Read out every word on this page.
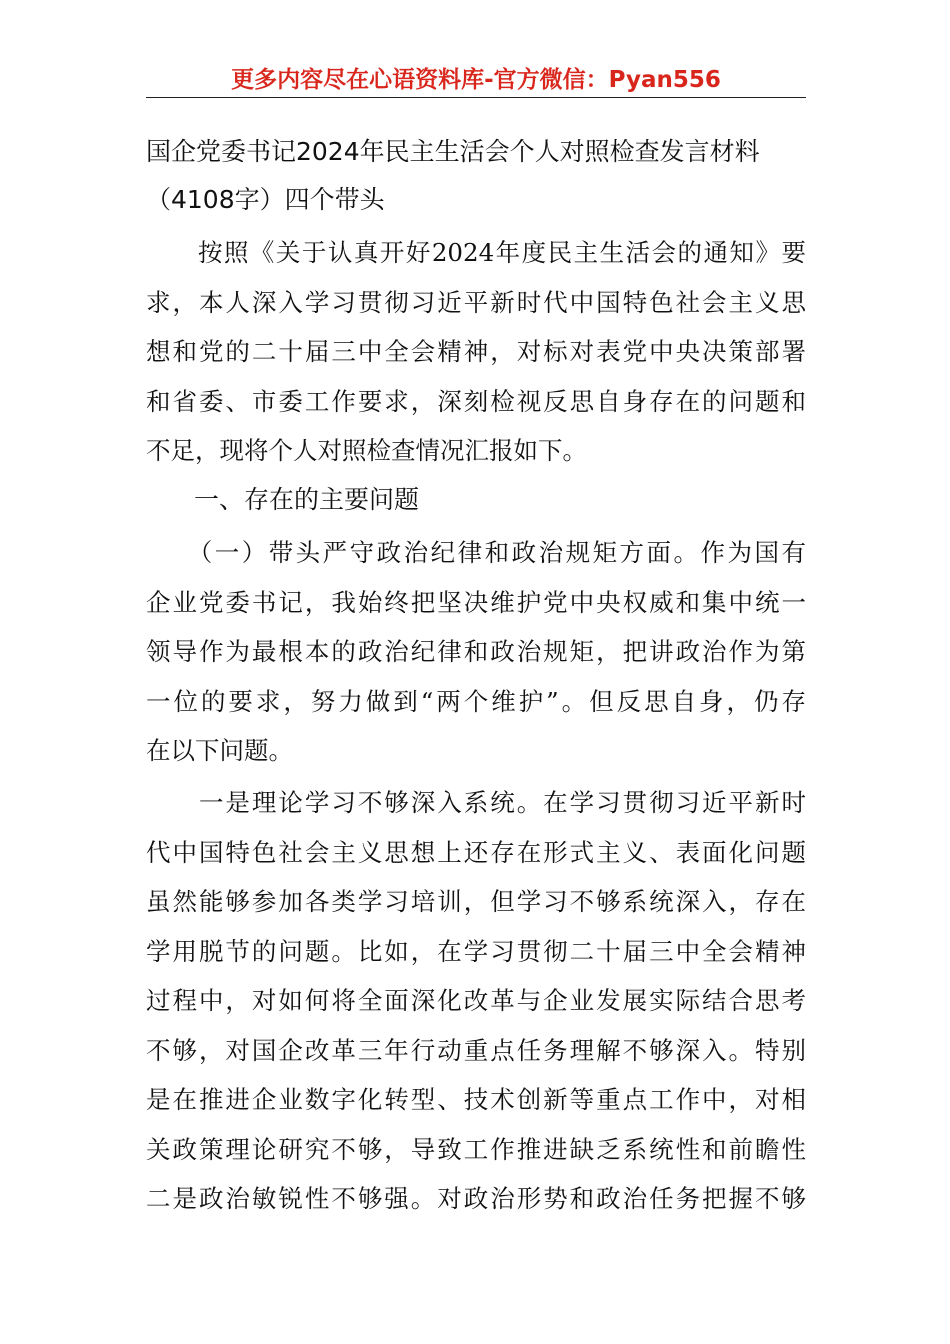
更多内容尽在心语资料库-官方微信：Pyan556
国企党委书记2024年民主生活会个人对照检查发言材料
（4108字）四个带头
　　按照《关于认真开好2024年度民主生活会的通知》要
求，本人深入学习贯彻习近平新时代中国特色社会主义思
想和党的二十届三中全会精神，对标对表党中央决策部署
和省委、市委工作要求，深刻检视反思自身存在的问题和
不足，现将个人对照检查情况汇报如下。
一、存在的主要问题
　　（一）带头严守政治纪律和政治规矩方面。作为国有
企业党委书记，我始终把坚决维护党中央权威和集中统一
领导作为最根本的政治纪律和政治规矩，把讲政治作为第
一位的要求，努力做到“两个维护”。但反思自身，仍存
在以下问题。
　　一是理论学习不够深入系统。在学习贯彻习近平新时
代中国特色社会主义思想上还存在形式主义、表面化问题
虽然能够参加各类学习培训，但学习不够系统深入，存在
学用脱节的问题。比如，在学习贯彻二十届三中全会精神
过程中，对如何将全面深化改革与企业发展实际结合思考
不够，对国企改革三年行动重点任务理解不够深入。特别
是在推进企业数字化转型、技术创新等重点工作中，对相
关政策理论研究不够，导致工作推进缺乏系统性和前瞻性
二是政治敏锐性不够强。对政治形势和政治任务把握不够
